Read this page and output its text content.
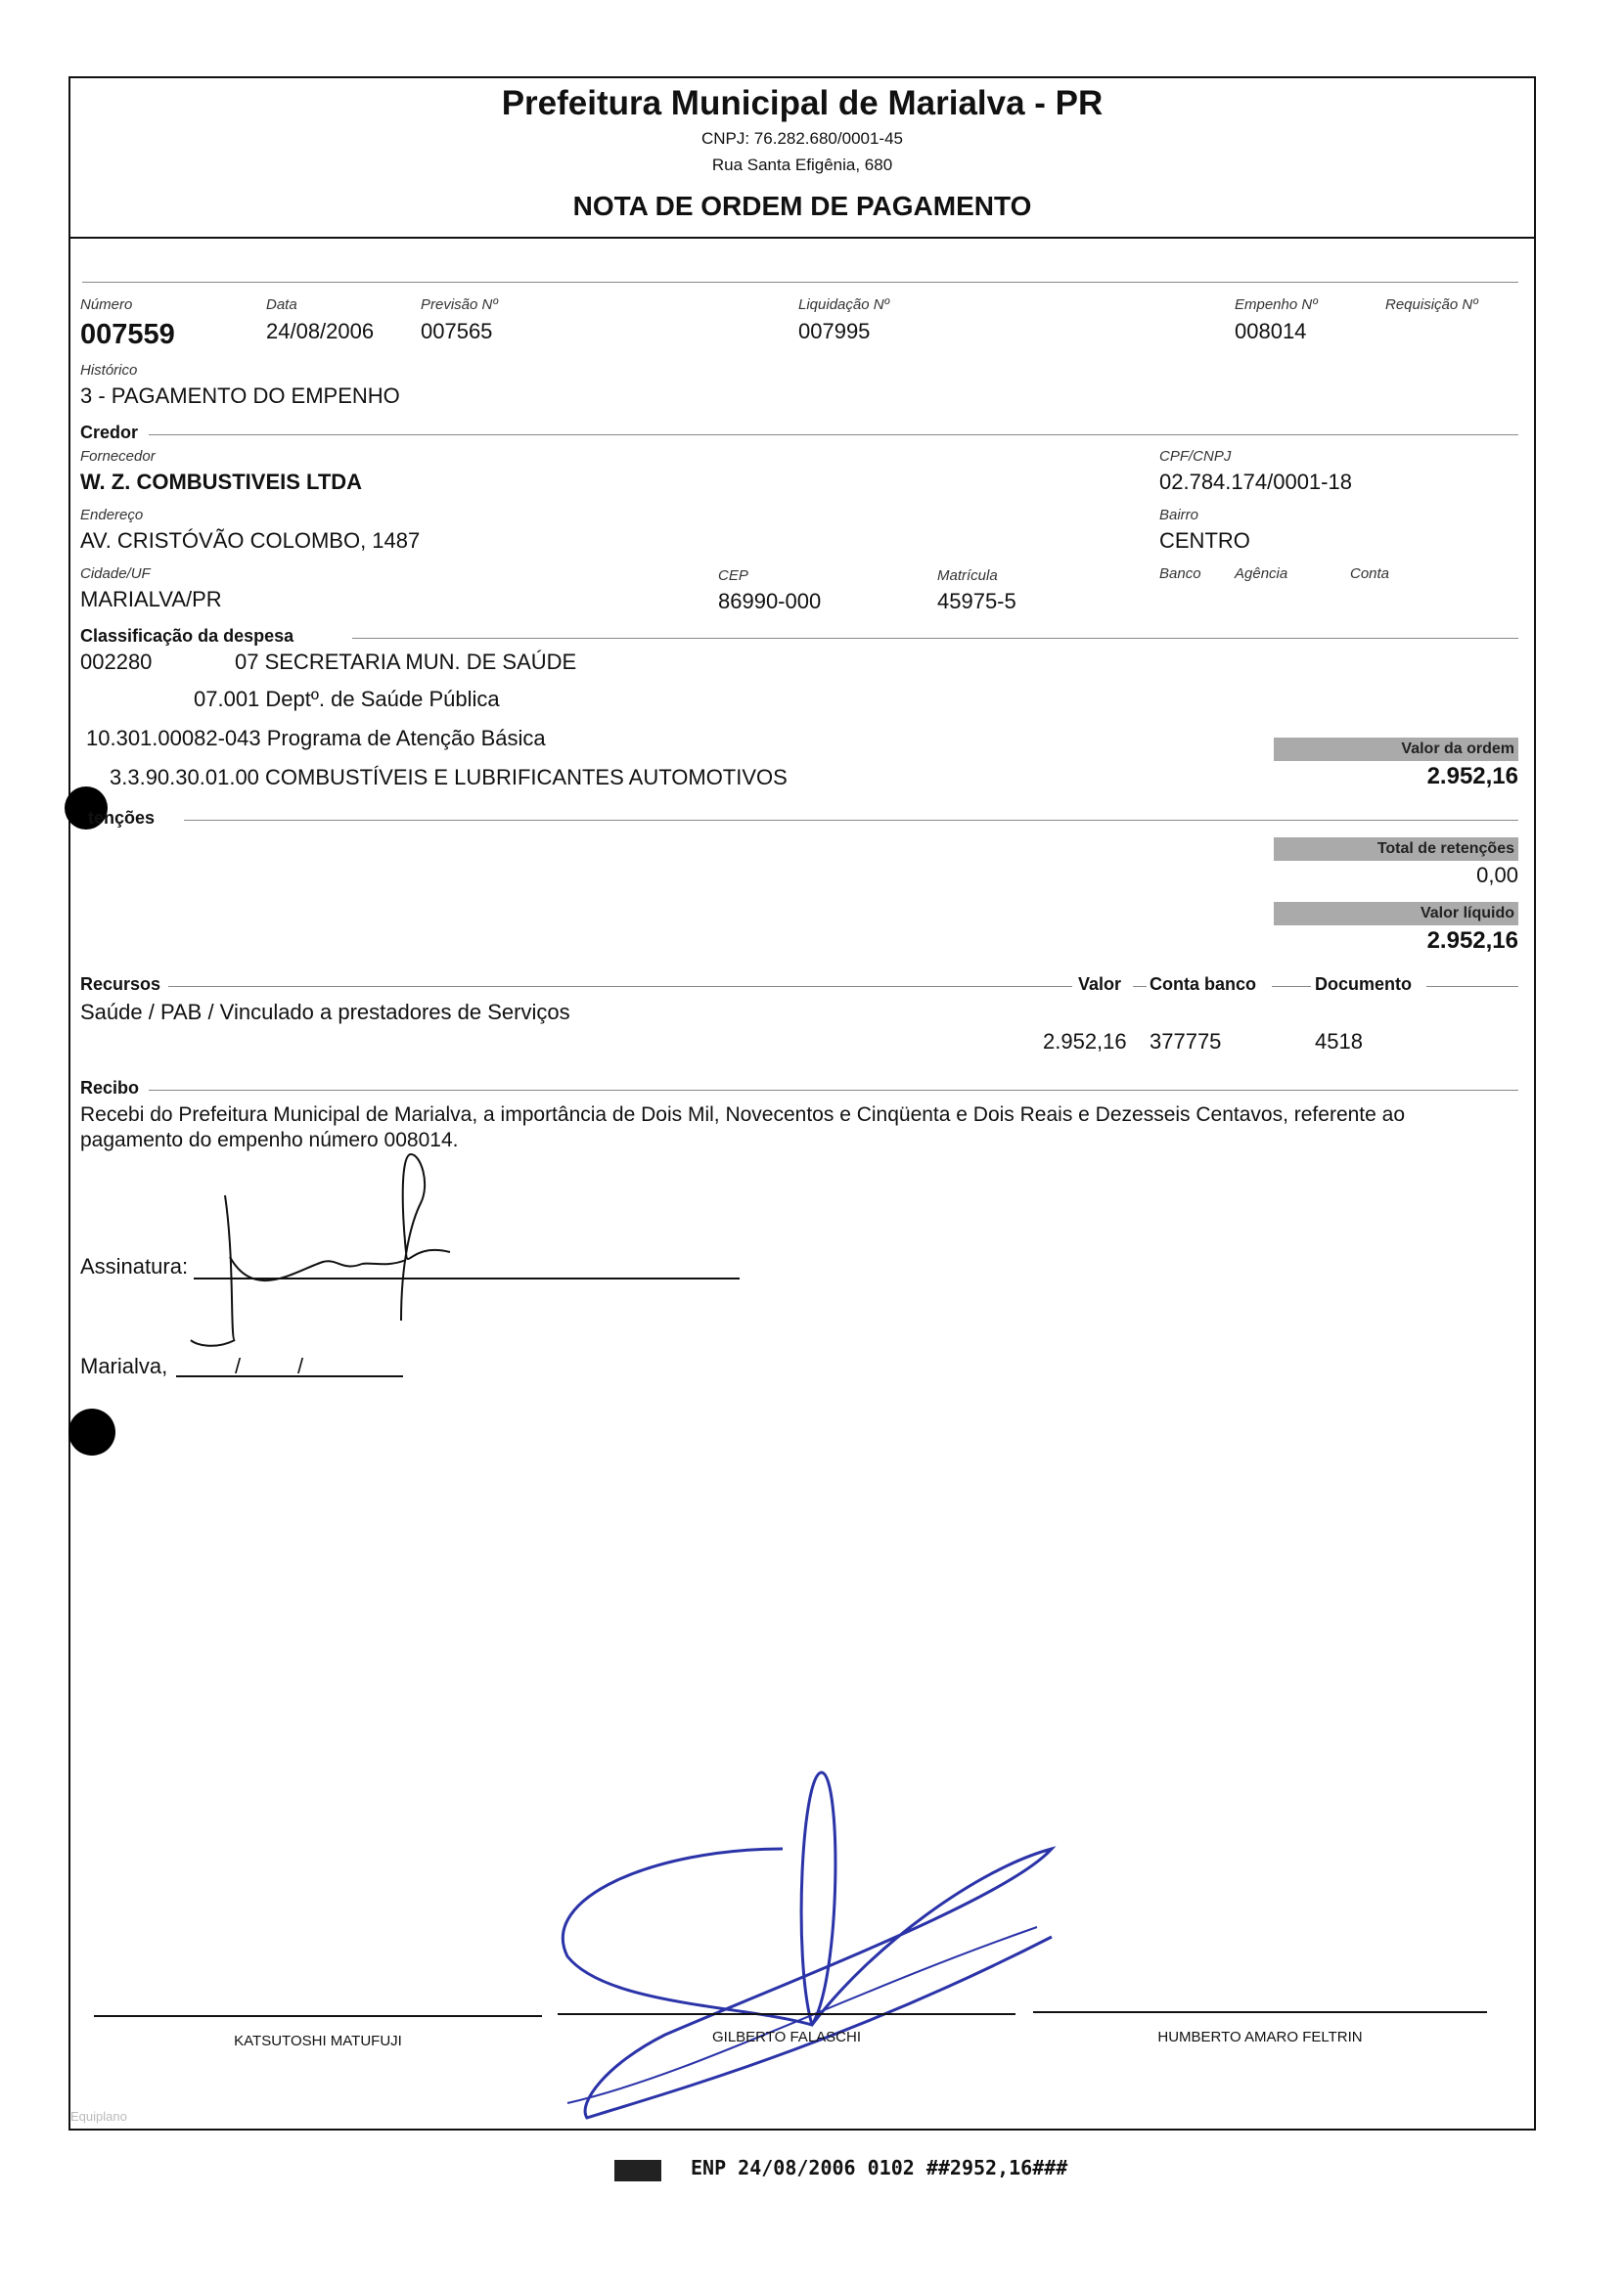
Prefeitura Municipal de Marialva - PR
CNPJ: 76.282.680/0001-45
Rua Santa Efigênia, 680
NOTA DE ORDEM DE PAGAMENTO
Número
007559
Data
24/08/2006
Previsão Nº
007565
Liquidação Nº
007995
Empenho Nº
008014
Requisição Nº
Histórico
3 - PAGAMENTO DO EMPENHO
Credor
Fornecedor
W. Z. COMBUSTIVEIS LTDA
CPF/CNPJ
02.784.174/0001-18
Endereço
AV. CRISTÓVÃO COLOMBO, 1487
Bairro
CENTRO
Cidade/UF
MARIALVA/PR
CEP
86990-000
Matrícula
45975-5
Banco Agência	Conta
Classificação da despesa
002280	07 SECRETARIA MUN. DE SAÚDE
07.001 Deptº. de Saúde Pública
10.301.00082-043 Programa de Atenção Básica
3.3.90.30.01.00 COMBUSTÍVEIS E LUBRIFICANTES AUTOMOTIVOS
Valor da ordem
2.952,16
tenções
Total de retenções
0,00
Valor líquido
2.952,16
Recursos	Valor Conta banco	Documento
Saúde / PAB / Vinculado a prestadores de Serviços
2.952,16 377775	4518
Recibo
Recebi do Prefeitura Municipal de Marialva, a importância de Dois Mil, Novecentos e Cinqüenta e Dois Reais e Dezesseis Centavos, referente ao
pagamento do empenho número 008014.
Assinatura:
Marialva,	/	/
KATSUTOSHI MATUFUJI	GILBERTO FALASCHI	HUMBERTO AMARO FELTRIN
Equiplano
ENP 24/08/2006 0102 ##2952,16###
